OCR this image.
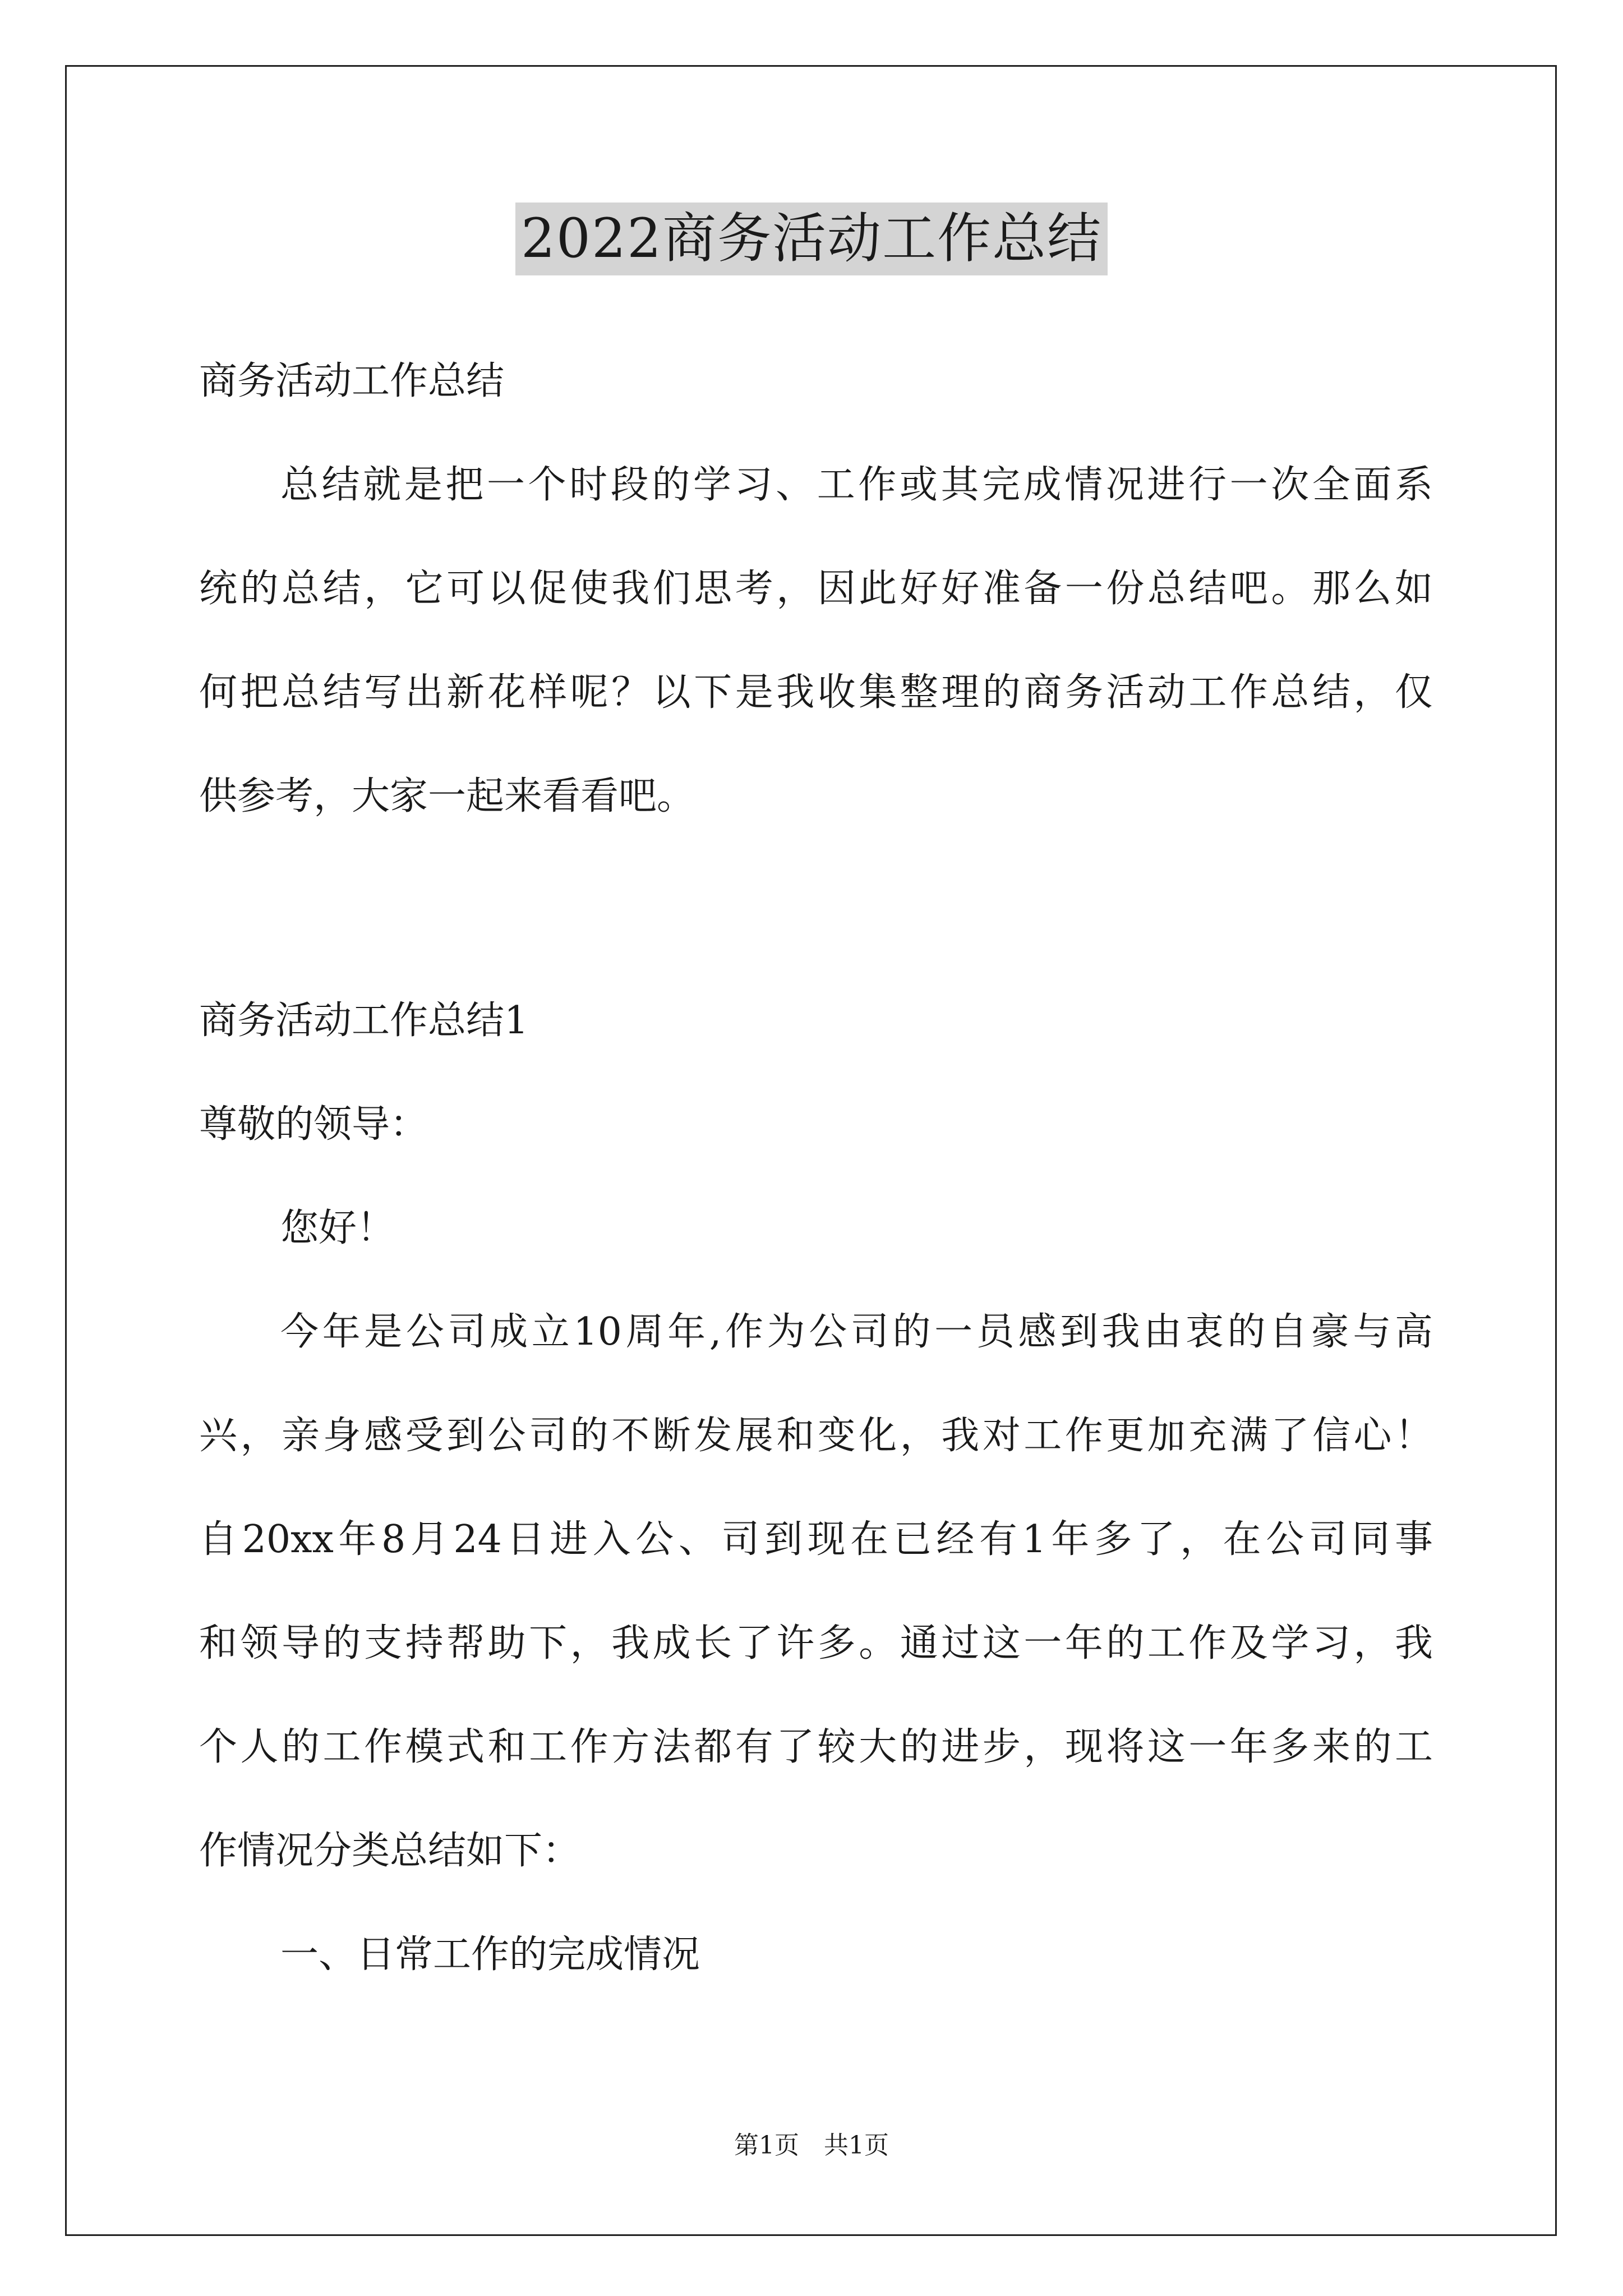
2022商务活动工作总结
商务活动工作总结
总结就是把一个时段的学习、工作或其完成情况进行一次全面系
统的总结，它可以促使我们思考，因此好好准备一份总结吧。那么如
何把总结写出新花样呢？以下是我收集整理的商务活动工作总结，仅
供参考，大家一起来看看吧。
商务活动工作总结1
尊敬的领导：
您好！
今年是公司成立10周年,作为公司的一员感到我由衷的自豪与高
兴，亲身感受到公司的不断发展和变化，我对工作更加充满了信心！
自20xx年8月24日进入公、司到现在已经有1年多了，在公司同事
和领导的支持帮助下，我成长了许多。通过这一年的工作及学习，我
个人的工作模式和工作方法都有了较大的进步，现将这一年多来的工
作情况分类总结如下：
一、日常工作的完成情况
第1页　共1页
